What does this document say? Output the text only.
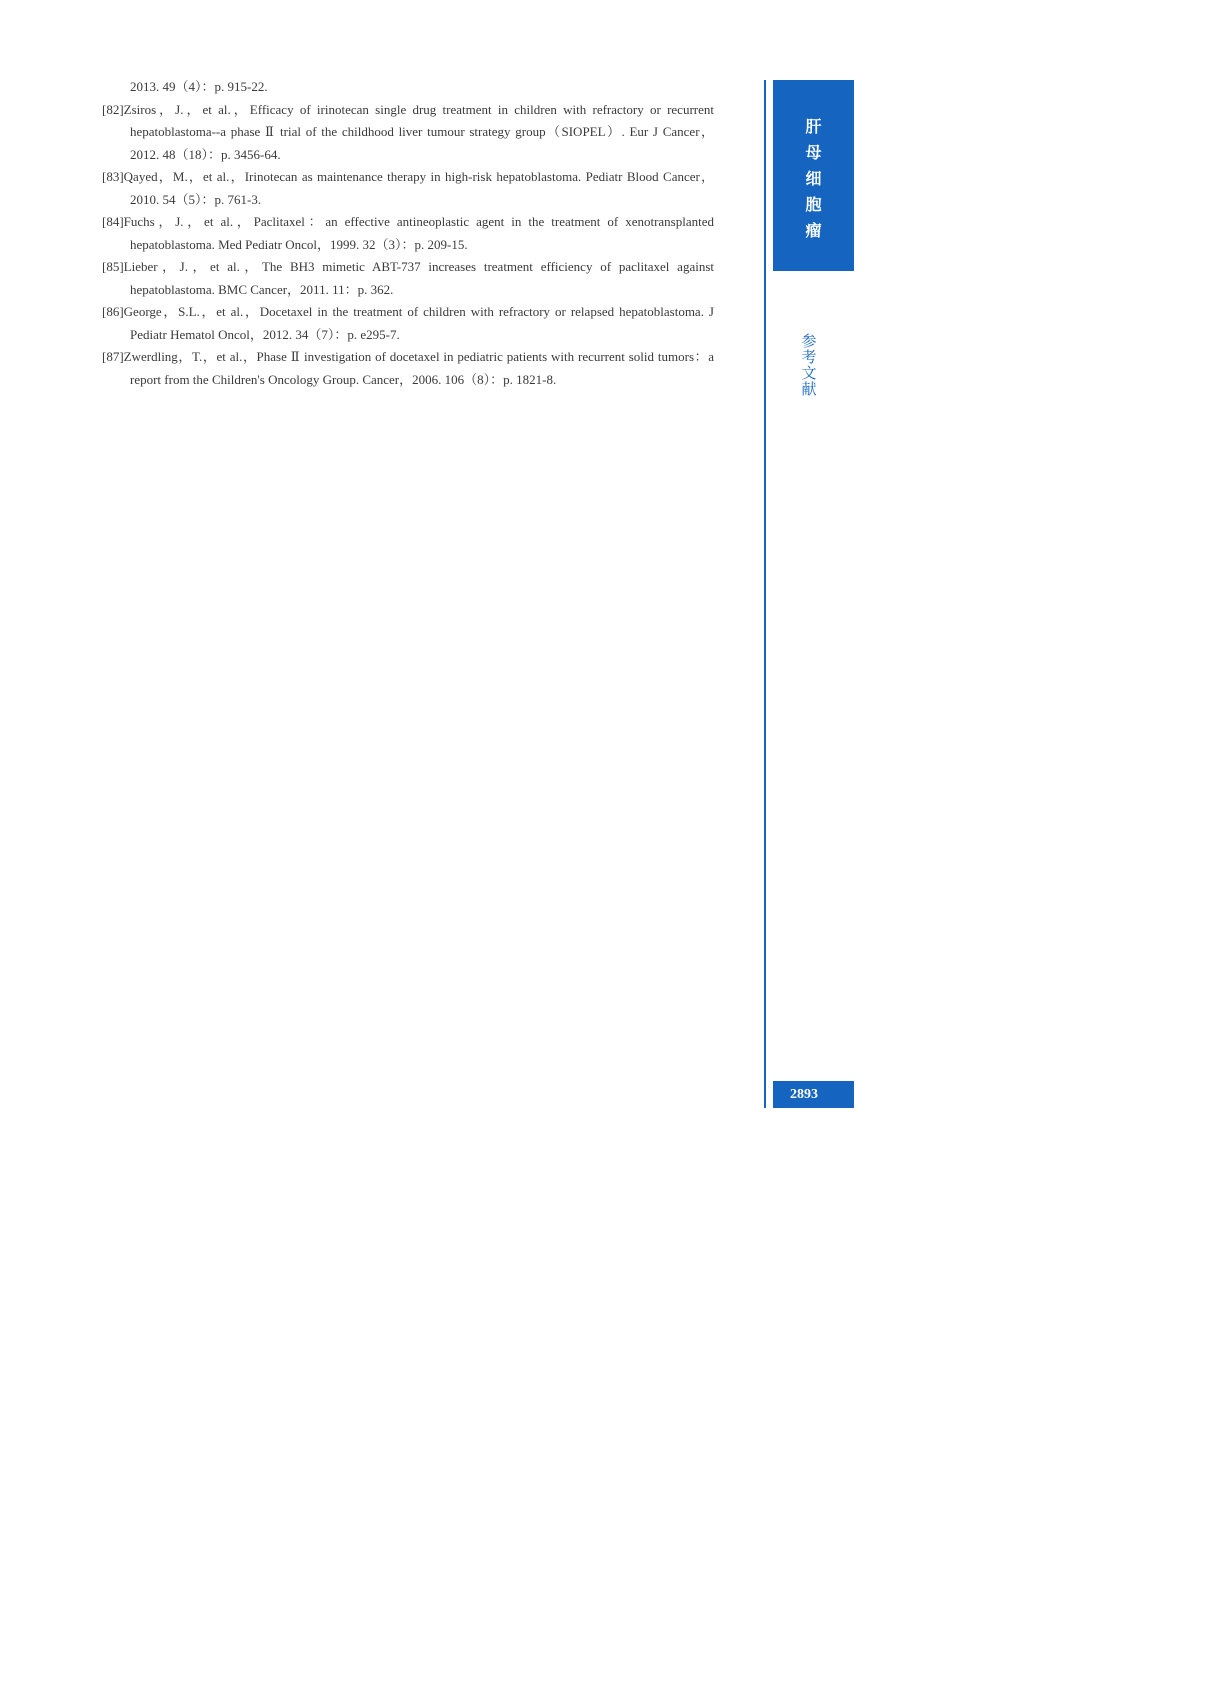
2013. 49（4）：p. 915-22.

[82]Zsiros，J.，et al.，Efficacy of irinotecan single drug treatment in children with refractory or recurrent hepatoblastoma--a phase Ⅱ trial of the childhood liver tumour strategy group（SIOPEL）. Eur J Cancer，2012. 48（18）：p. 3456-64.

[83]Qayed，M.，et al.，Irinotecan as maintenance therapy in high-risk hepatoblastoma. Pediatr Blood Cancer，2010. 54（5）：p. 761-3.

[84]Fuchs，J.，et al.，Paclitaxel：an effective antineoplastic agent in the treatment of xenotransplanted hepatoblastoma. Med Pediatr Oncol，1999. 32（3）：p. 209-15.

[85]Lieber，J.，et al.，The BH3 mimetic ABT-737 increases treatment efficiency of paclitaxel against hepatoblastoma. BMC Cancer，2011. 11：p. 362.

[86]George，S.L.，et al.，Docetaxel in the treatment of children with refractory or relapsed hepatoblastoma. J Pediatr Hematol Oncol，2012. 34（7）：p. e295-7.

[87]Zwerdling，T.，et al.，Phase Ⅱ investigation of docetaxel in pediatric patients with recurrent solid tumors：a report from the Children's Oncology Group. Cancer，2006. 106（8）：p. 1821-8.

肝
母
细
胞
瘤
参
考
文
献
2893
